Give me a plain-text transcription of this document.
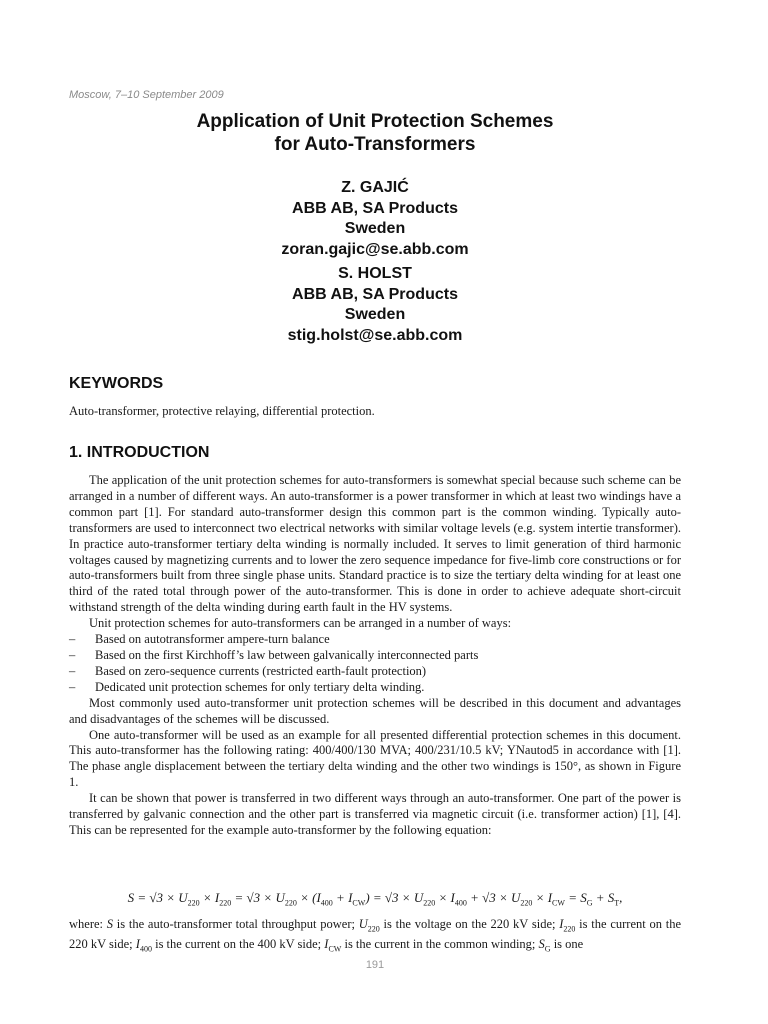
Moscow, 7–10 September 2009
Application of Unit Protection Schemes
for Auto-Transformers
Z. GAJIĆ
ABB AB, SA Products
Sweden
zoran.gajic@se.abb.com
S. HOLST
ABB AB, SA Products
Sweden
stig.holst@se.abb.com
KEYWORDS
Auto-transformer, protective relaying, differential protection.
1. INTRODUCTION

The application of the unit protection schemes for auto-transformers is somewhat special because such scheme can be arranged in a number of different ways. An auto-transformer is a power transformer in which at least two windings have a common part [1]. For standard auto-transformer design this common part is the common winding. Typically auto-transformers are used to interconnect two electrical networks with similar voltage levels (e.g. system intertie transformer). In practice auto-transformer tertiary delta winding is normally included. It serves to limit generation of third harmonic voltages caused by magnetizing currents and to lower the zero sequence impedance for five-limb core constructions or for auto-transformers built from three single phase units. Standard practice is to size the tertiary delta winding for at least one third of the rated total through power of the auto-transformer. This is done in order to achieve adequate short-circuit withstand strength of the delta winding during earth fault in the HV systems.

Unit protection schemes for auto-transformers can be arranged in a number of ways:

– Based on autotransformer ampere-turn balance
– Based on the first Kirchhoff’s law between galvanically interconnected parts
– Based on zero-sequence currents (restricted earth-fault protection)
– Dedicated unit protection schemes for only tertiary delta winding.

Most commonly used auto-transformer unit protection schemes will be described in this document and advantages and disadvantages of the schemes will be discussed.

One auto-transformer will be used as an example for all presented differential protection schemes in this document. This auto-transformer has the following rating: 400/400/130 MVA; 400/231/10.5 kV; YNautod5 in accordance with [1]. The phase angle displacement between the tertiary delta winding and the other two windings is 150°, as shown in Figure 1.

It can be shown that power is transferred in two different ways through an auto-transformer. One part of the power is transferred by galvanic connection and the other part is transferred via magnetic circuit (i.e. transformer action) [1], [4]. This can be represented for the example auto-transformer by the following equation:

$S = √3 \times U_{220} \times I_{220} = √3 \times U_{220} \times (I_{400} + I_{CW}) = √3 \times U_{220} \times I_{400} + √3 \times U_{220} \times I_{CW} = S_G + S_T$,
where: S is the auto-transformer total throughput power; $U_{220}$ is the voltage on the 220 kV side; $I_{220}$ is the current on the 220 kV side; $I_{400}$ is the current on the 400 kV side; $I_{CW}$ is the current in the common winding; $S_G$ is one
191
